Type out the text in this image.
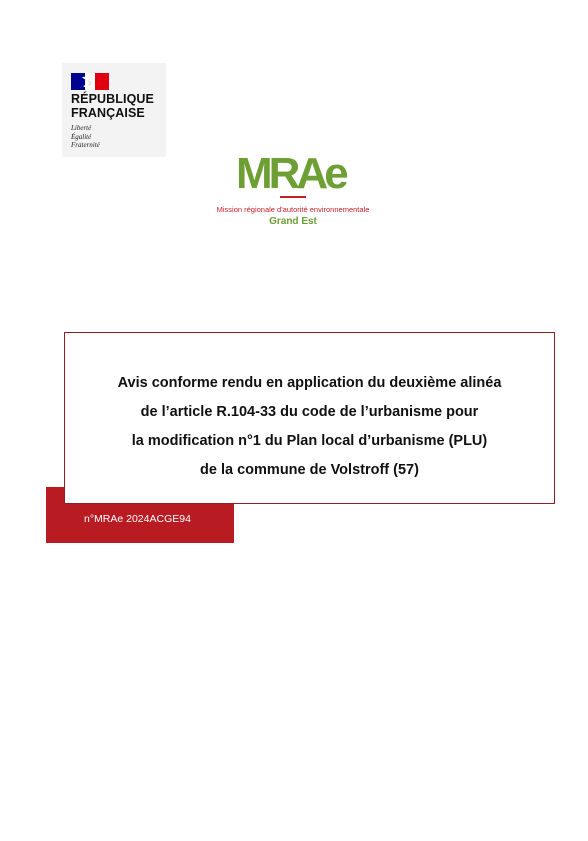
RÉPUBLIQUE
FRANÇAISE
Liberté
Égalité
Fraternité
MRAe
Mission régionale d'autorité environnementale
Grand Est
n°MRAe 2024ACGE94
Avis conforme rendu en application du deuxième alinéa
de l’article R.104-33 du code de l’urbanisme pour
la modification n°1 du Plan local d’urbanisme (PLU)
de la commune de Volstroff (57)
